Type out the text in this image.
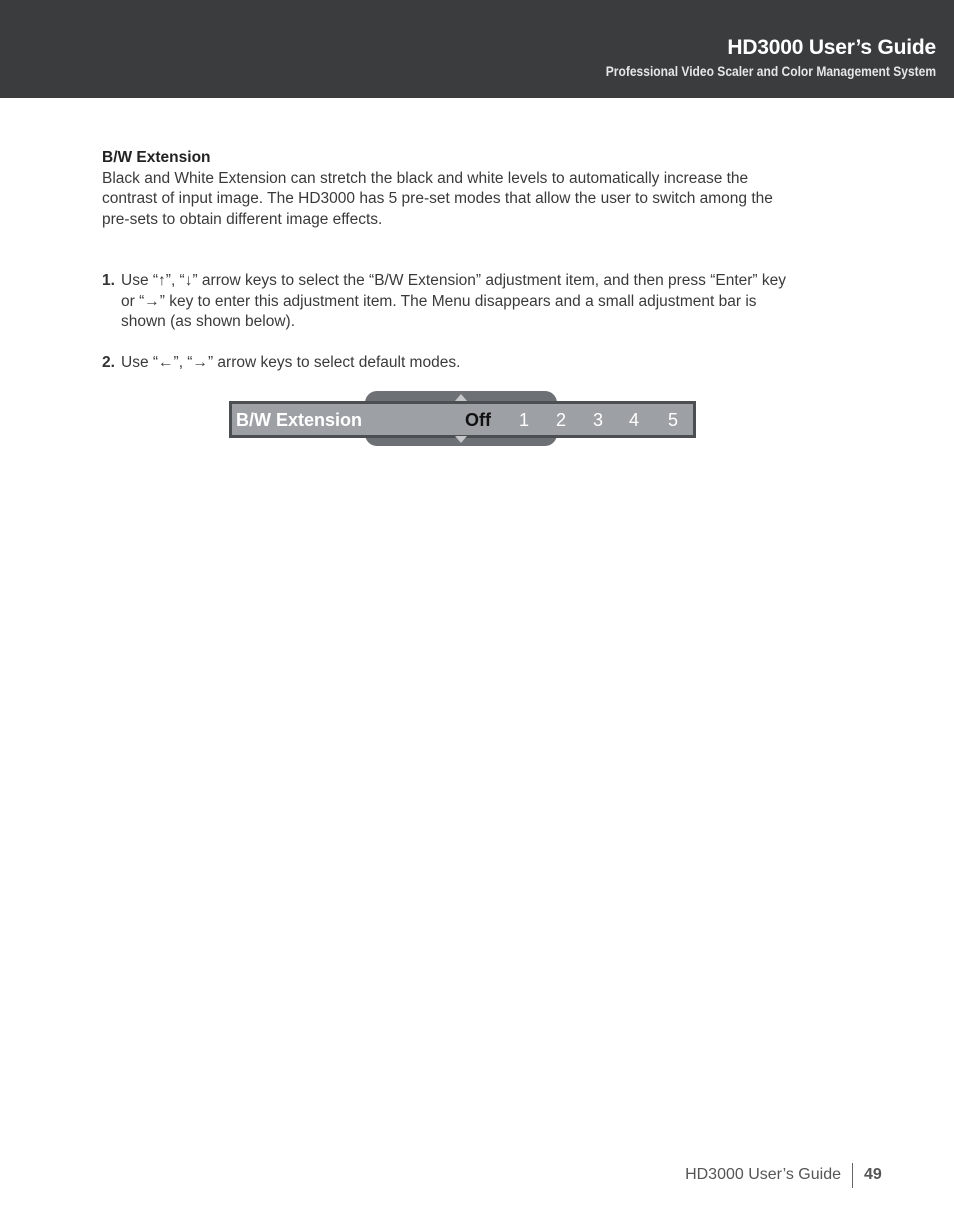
HD3000 User’s Guide
Professional Video Scaler and Color Management System
B/W Extension

Black and White Extension can stretch the black and white levels to automatically increase the contrast of input image. The HD3000 has 5 pre-set modes that allow the user to switch among the pre-sets to obtain different image effects.

1. Use “↑”, “↓” arrow keys to select the “B/W Extension” adjustment item, and then press “Enter” key or “→” key to enter this adjustment item. The Menu disappears and a small adjustment bar is shown (as shown below).
2. Use “←”, “→” arrow keys to select default modes.
B/W Extension	Off 1 2 3 4 5
HD3000 User’s Guide 49
